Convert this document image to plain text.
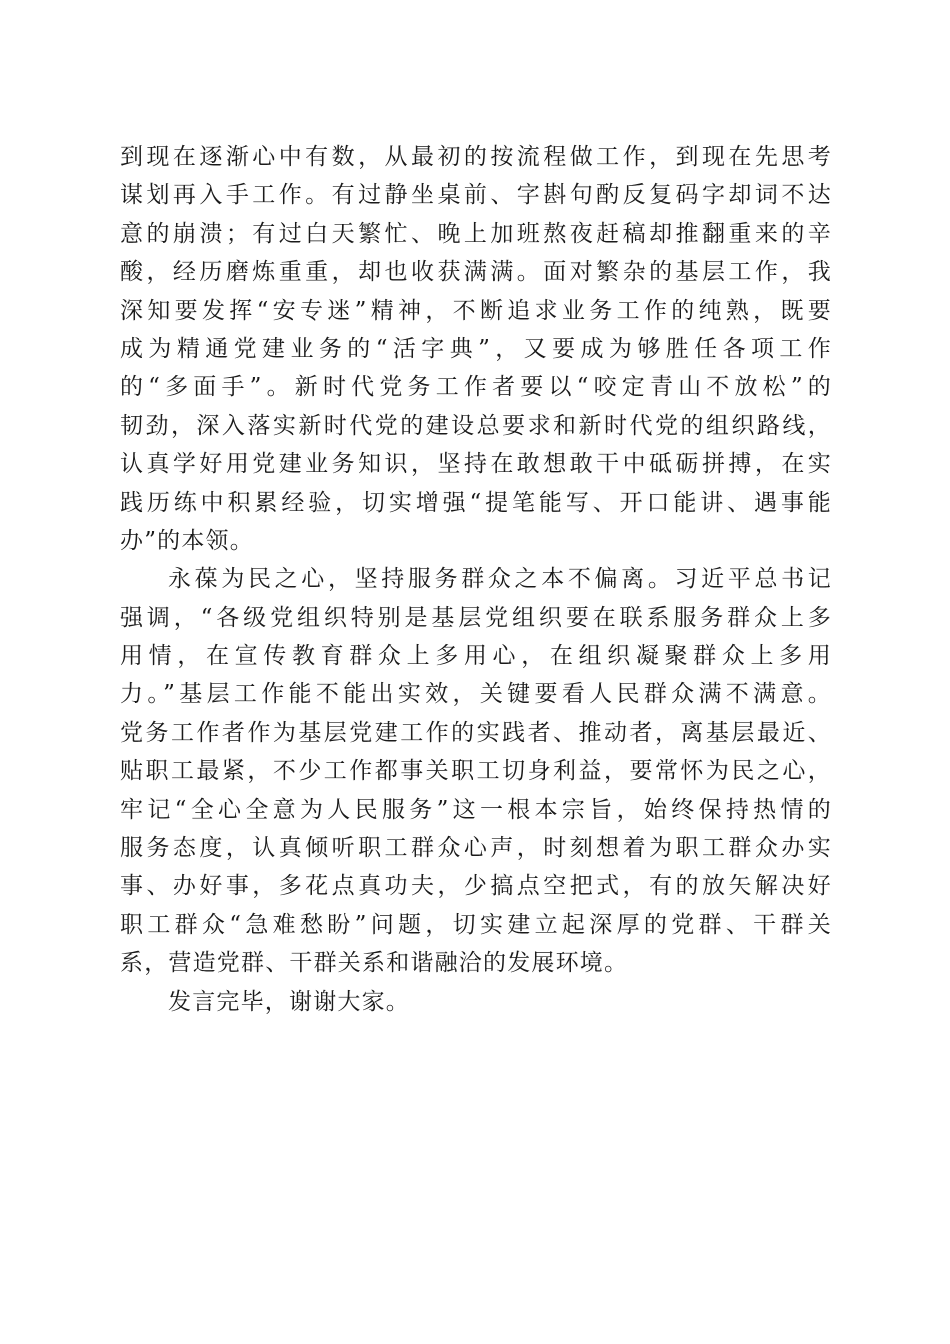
到现在逐渐心中有数，从最初的按流程做工作，到现在先思考
谋划再入手工作。有过静坐桌前、字斟句酌反复码字却词不达
意的崩溃；有过白天繁忙、晚上加班熬夜赶稿却推翻重来的辛
酸，经历磨炼重重，却也收获满满。面对繁杂的基层工作，我
深知要发挥“安专迷”精神，不断追求业务工作的纯熟，既要
成为精通党建业务的“活字典”，又要成为够胜任各项工作
的“多面手”。新时代党务工作者要以“咬定青山不放松”的
韧劲，深入落实新时代党的建设总要求和新时代党的组织路线，
认真学好用党建业务知识，坚持在敢想敢干中砥砺拼搏，在实
践历练中积累经验，切实增强“提笔能写、开口能讲、遇事能
办”的本领。
永葆为民之心，坚持服务群众之本不偏离。习近平总书记
强调，“各级党组织特别是基层党组织要在联系服务群众上多
用情，在宣传教育群众上多用心，在组织凝聚群众上多用
力。”基层工作能不能出实效，关键要看人民群众满不满意。
党务工作者作为基层党建工作的实践者、推动者，离基层最近、
贴职工最紧，不少工作都事关职工切身利益，要常怀为民之心，
牢记“全心全意为人民服务”这一根本宗旨，始终保持热情的
服务态度，认真倾听职工群众心声，时刻想着为职工群众办实
事、办好事，多花点真功夫，少搞点空把式，有的放矢解决好
职工群众“急难愁盼”问题，切实建立起深厚的党群、干群关
系，营造党群、干群关系和谐融洽的发展环境。
发言完毕，谢谢大家。
